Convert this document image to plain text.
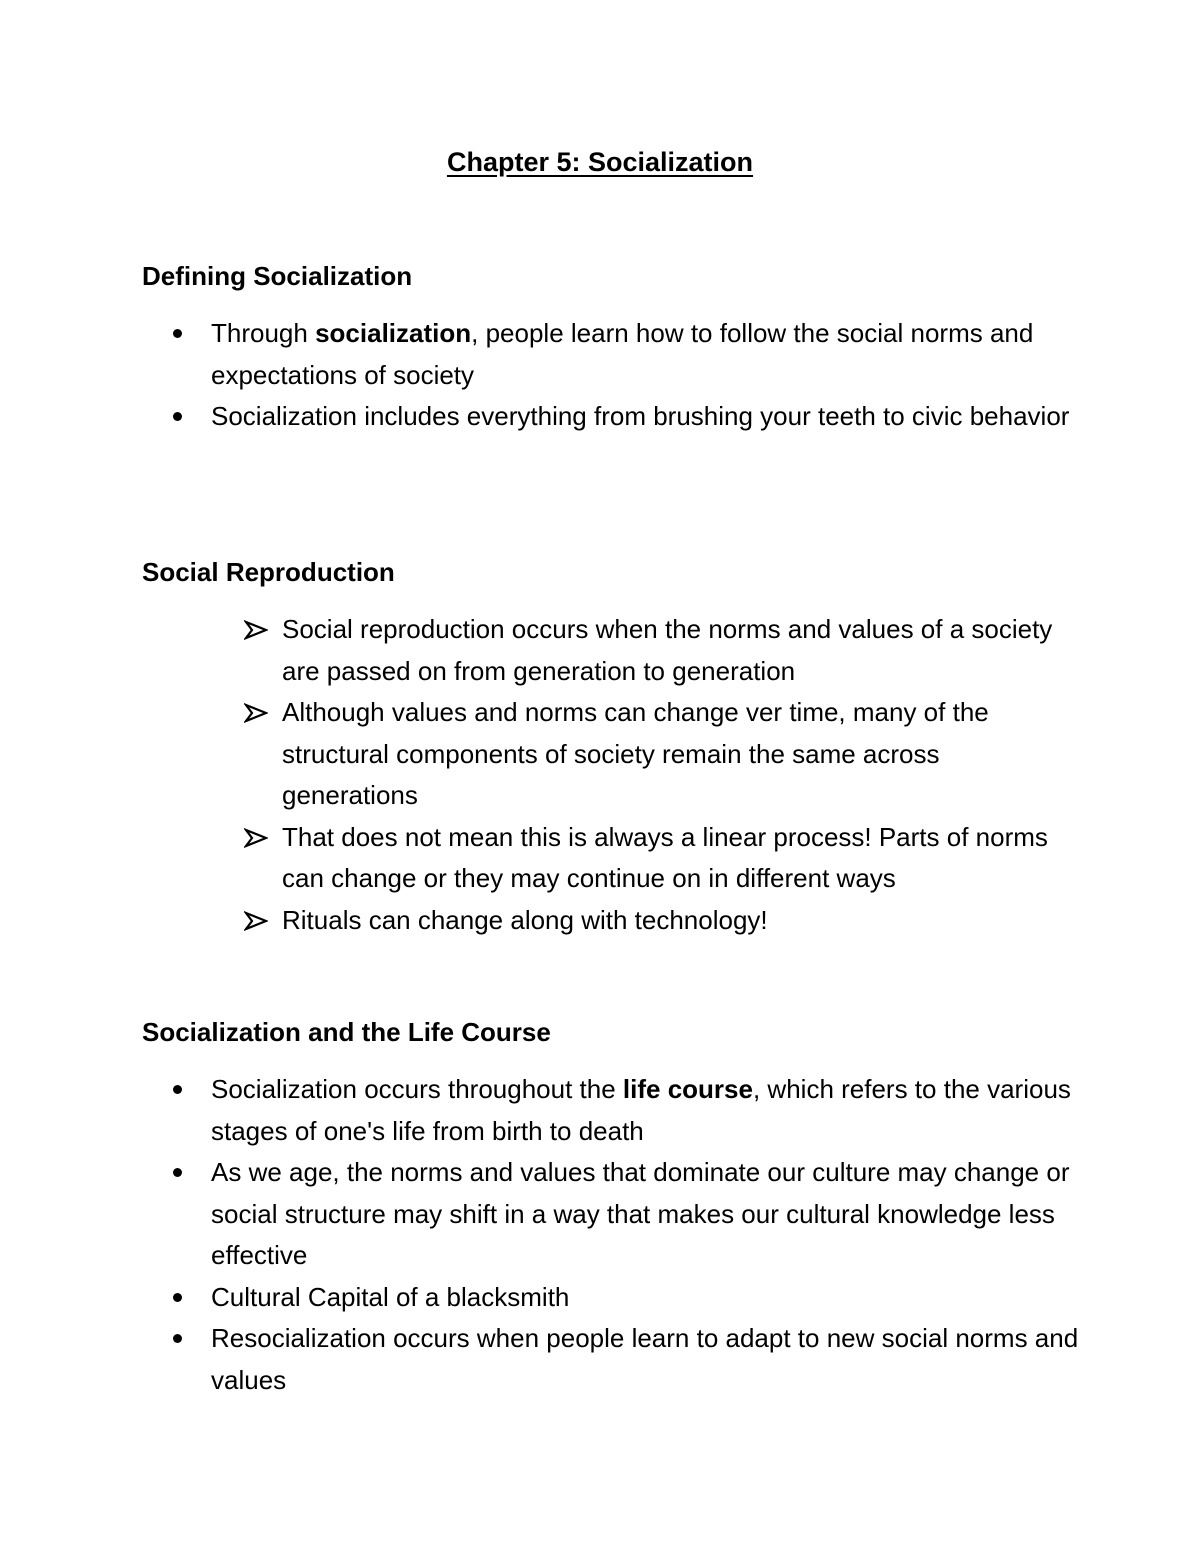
Chapter 5: Socialization
Defining Socialization
Through socialization, people learn how to follow the social norms and expectations of society
Socialization includes everything from brushing your teeth to civic behavior
Social Reproduction
Social reproduction occurs when the norms and values of a society are passed on from generation to generation
Although values and norms can change ver time, many of the structural components of society remain the same across generations
That does not mean this is always a linear process! Parts of norms can change or they may continue on in different ways
Rituals can change along with technology!
Socialization and the Life Course
Socialization occurs throughout the life course, which refers to the various stages of one's life from birth to death
As we age, the norms and values that dominate our culture may change or social structure may shift in a way that makes our cultural knowledge less effective
Cultural Capital of a blacksmith
Resocialization occurs when people learn to adapt to new social norms and values
